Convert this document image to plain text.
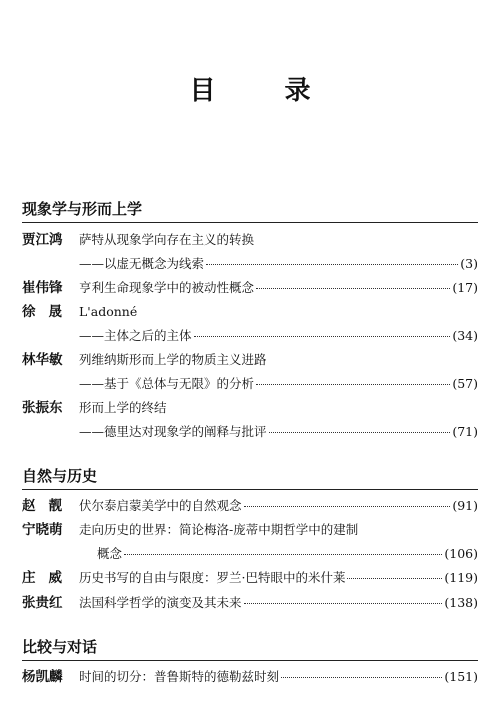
目 录
现象学与形而上学
贾江鸿	萨特从现象学向存在主义的转换
——以虚无概念为线索	(3)
崔伟锋	亨利生命现象学中的被动性概念	(17)
徐晟 L'adonné
——主体之后的主体	(34)
林华敏	列维纳斯形而上学的物质主义进路
——基于《总体与无限》的分析	(57)
张振东	形而上学的终结
——德里达对现象学的阐释与批评	(71)
自然与历史
赵靓 伏尔泰启蒙美学中的自然观念	(91)
宁晓萌	走向历史的世界：简论梅洛-庞蒂中期哲学中的建制
概念	(106)
庄威 历史书写的自由与限度：罗兰·巴特眼中的米什莱	(119)
张贵红	法国科学哲学的演变及其未来	(138)
比较与对话
杨凯麟	时间的切分：普鲁斯特的德勒兹时刻	(151)
